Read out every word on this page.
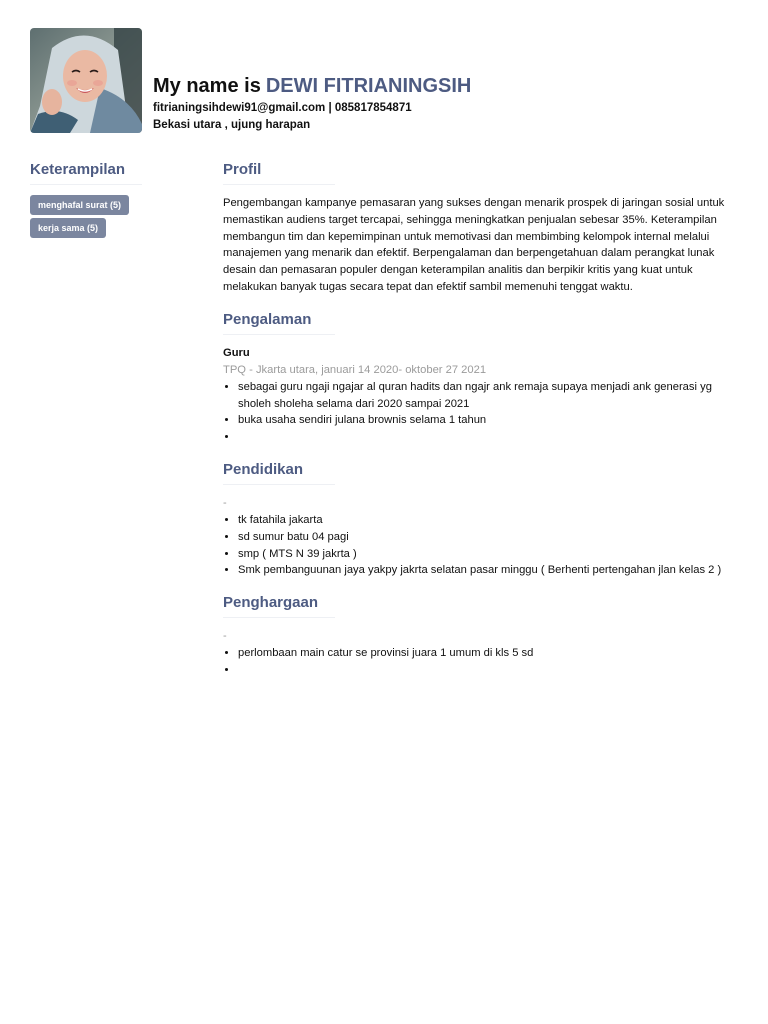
My name is DEWI FITRIANINGSIH
fitrianingsihdewi91@gmail.com | 085817854871
Bekasi utara , ujung harapan
Keterampilan
menghafal surat (5)
kerja sama (5)
Profil

Pengembangan kampanye pemasaran yang sukses dengan menarik prospek di jaringan sosial untuk memastikan audiens target tercapai, sehingga meningkatkan penjualan sebesar 35%. Keterampilan membangun tim dan kepemimpinan untuk memotivasi dan membimbing kelompok internal melalui manajemen yang menarik dan efektif. Berpengalaman dan berpengetahuan dalam perangkat lunak desain dan pemasaran populer dengan keterampilan analitis dan berpikir kritis yang kuat untuk melakukan banyak tugas secara tepat dan efektif sambil memenuhi tenggat waktu.

Pengalaman
Guru
TPQ - Jkarta utara, januari 14 2020- oktober 27 2021
• sebagai guru ngaji ngajar al quran hadits dan ngajr ank remaja supaya menjadi ank generasi yg sholeh sholeha selama dari 2020 sampai 2021
• buka usaha sendiri julana brownis selama 1 tahun
•
Pendidikan
-
• tk fatahila jakarta
• sd sumur batu 04 pagi
• smp ( MTS N 39 jakrta )
• Smk pembanguunan jaya yakpy jakrta selatan pasar minggu ( Berhenti pertengahan jlan kelas 2 )
Penghargaan
-
• perlombaan main catur se provinsi juara 1 umum di kls 5 sd
•
